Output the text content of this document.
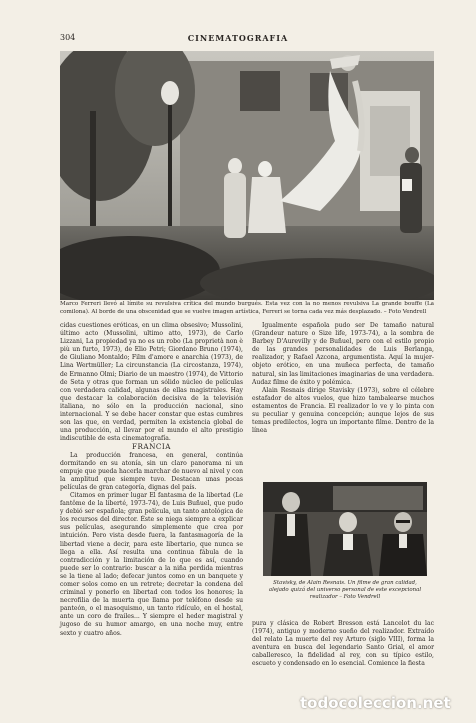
304	CINEMATOGRAFIA
Marco Ferreri llevó al límite su revulsiva crítica del mundo burgués. Esta vez con la no menos revulsiva La grande bouffe (La comilona). Al borde de una obscenidad que se vuelve imagen artística, Ferreri se torna cada vez más desplazado. – Foto Vendrell

cidas cuestiones eróticas, en un clima obsesivo; Mussolini, último acto (Mussolini, ultimo atto, 1973), de Carlo Lizzani, La propiedad ya no es un robo (La proprietà non è più un furto, 1973), de Elio Petri; Giordano Bruno (1974), de Giuliano Montaldo; Film d'amore e anarchia (1973), de Lina Wertmüller; La circunstancia (La circostanza, 1974), de Ermanno Olmi; Diario de un maestro (1974), de Vittorio de Seta y otras que forman un sólido núcleo de películas con verdadera calidad, algunas de ellas magistrales. Hay que destacar la colaboración decisiva de la televisión italiana, no sólo en la producción nacional, sino internacional. Y se debe hacer constar que estas cumbres son las que, en verdad, permiten la existencia global de una producción, al llevar por el mundo el alto prestigio indiscutible de esta cinematografía.

FRANCIA

La producción francesa, en general, continúa dormitando en su atonía, sin un claro panorama ni un empuje que pueda hacerla marchar de nuevo al nivel y con la amplitud que siempre tuvo. Destacan unas pocas películas de gran categoría, dignas del país.

Citamos en primer lugar El fantasma de la libertad (Le fantôme de la liberté, 1973-74), de Luis Buñuel, que pudo y debió ser española; gran película, un tanto antológica de los recursos del director. Éste se niega siempre a explicar sus películas, asegurando simplemente que crea por intuición. Pero vista desde fuera, la fantasmagoría de la libertad viene a decir, para este libertario, que nunca se llega a ella. Así resulta una continua fábula de la contradicción y la limitación de lo que es así, cuando puede ser lo contrario: buscar a la niña perdida mientras se la tiene al lado; defecar juntos como en un banquete y comer solos como en un retrete; decretar la condena del criminal y ponerlo en libertad con todos los honores; la necrofilia de la muerta que llama por teléfono desde su panteón, o el masoquismo, un tanto ridículo, en el hostal, ante un coro de frailes... Y siempre el heder magistral y jugoso de su humor amargo, en una noche muy, entre sexto y cuatro años.

Igualmente española pudo ser De tamaño natural (Grandeur nature o Size life, 1973-74), a la sombra de Barbey D'Aurevilly y de Buñuel, pero con el estilo propio de las grandes personalidades de Luis Berlanga, realizador, y Rafael Azcona, argumentista. Aquí la mujer-objeto erótico, en una muñeca perfecta, de tamaño natural, sin las limitaciones imaginarias de una verdadera. Audaz filme de éxito y polémica.

Alain Resnais dirige Stavisky (1973), sobre el célebre estafador de altos vuelos, que hizo tambalearse muchos estamentos de Francia. El realizador lo ve y lo pinta con su peculiar y genuina concepción; aunque lejos de sus temas predilectos, logra un importante filme. Dentro de la línea

Stavisky, de Alain Resnais. Un filme de gran calidad, alejado quizá del universo personal de este excepcional realizador – Foto Vendrell

pura y clásica de Robert Bresson está Lancelot du lac (1974), antiguo y moderno sueño del realizador. Extraído del relato La muerte del rey Arturo (siglo VIII), forma la aventura en busca del legendario Santo Grial, el amor caballeresco, la fidelidad al rey, con su típico estilo, escueto y condensado en lo esencial. Comience la fiesta

todocoleccion.net
